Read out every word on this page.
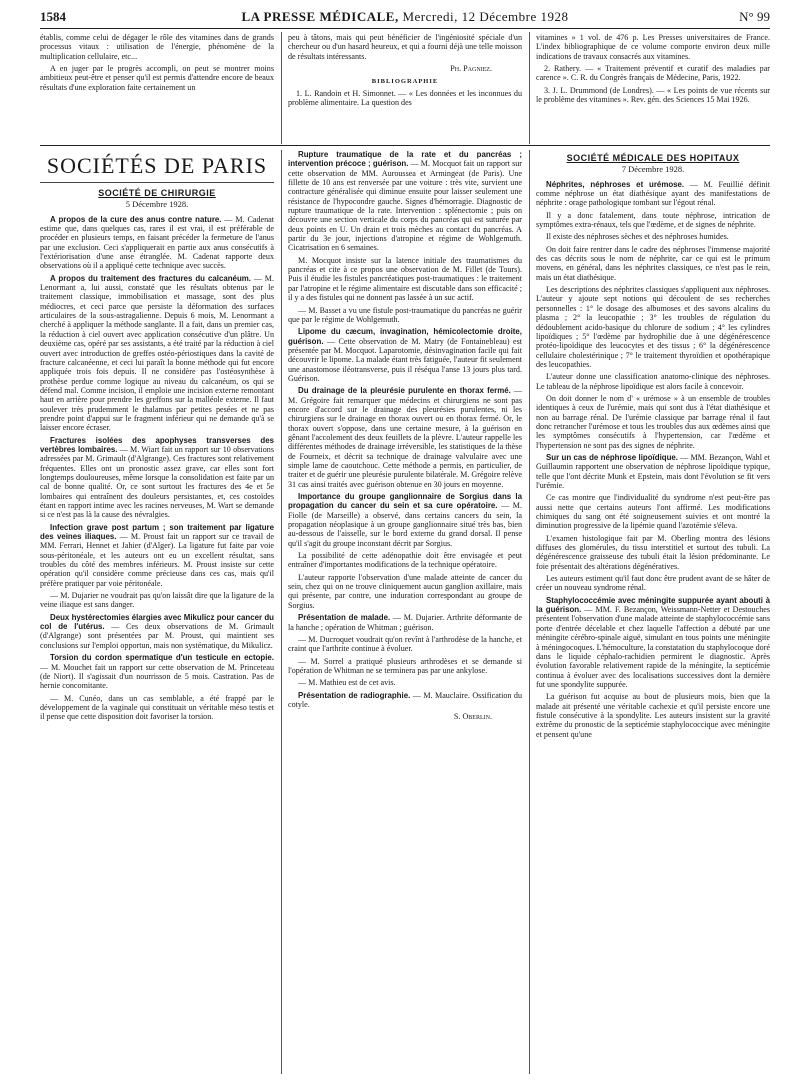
1584	LA PRESSE MÉDICALE, Mercredi, 12 Décembre 1928	N° 99

établis, comme celui de dégager le rôle des vitamines dans de grands processus vitaux : utilisation de l'énergie, phénomène de la multiplication cellulaire, etc...

A en juger par le progrès accompli, on peut se montrer moins ambitieux peut-être et penser qu'il est permis d'attendre encore de beaux résultats d'une exploration faite certainement un

peu à tâtons, mais qui peut bénéficier de l'ingéniosité spéciale d'un chercheur ou d'un hasard heureux, et qui a fourni déjà une telle moisson de résultats intéressants.

Ph. Pagniez.
BIBLIOGRAPHIE

1. L. Randoin et H. Simonnet. — « Les données et les inconnues du problème alimentaire. La question des

vitamines » 1 vol. de 476 p. Les Presses universitaires de France. L'index bibliographique de ce volume comporte environ deux mille indications de travaux consacrés aux vitamines.

2. Rathery. — « Traitement préventif et curatif des maladies par carence ». C. R. du Congrès français de Médecine, Paris, 1922.

3. J. L. Drummond (de Londres). — « Les points de vue récents sur le problème des vitamines ». Rev. gén. des Sciences 15 Mai 1926.

SOCIÉTÉS DE PARIS
SOCIÉTÉ DE CHIRURGIE
5 Décembre 1928.

A propos de la cure des anus contre nature. — M. Cadenat estime que, dans quelques cas, rares il est vrai, il est préférable de procéder en plusieurs temps, en faisant précéder la fermeture de l'anus par une exclusion. Ceci s'appliquerait en partie aux anus consécutifs à l'extériorisation d'une anse étranglée. M. Cadenat rapporte deux observations où il a appliqué cette technique avec succès.

A propos du traitement des fractures du calcanéum. — M. Lenormant a, lui aussi, constaté que les résultats obtenus par le traitement classique, immobilisation et massage, sont des plus médiocres, et ceci parce que persiste la déformation des surfaces articulaires de la sous-astragalienne. Depuis 6 mois, M. Lenormant a cherché à appliquer la méthode sanglante. Il a fait, dans un premier cas, la réduction à ciel ouvert avec application consécutive d'un plâtre. Un deuxième cas, opéré par ses assistants, a été traité par la réduction à ciel ouvert avec introduction de greffes ostéo-périostiques dans la cavité de fracture calcanéenne, et ceci lui paraît la bonne méthode qui fut encore appliquée trois fois depuis. Il ne considère pas l'ostéosynthèse à prothèse perdue comme logique au niveau du calcanéum, os qui se défend mal. Comme incision, il emploie une incision externe remontant haut en arrière pour prendre les greffons sur la malléole externe. Il faut soulever très prudemment le thalamus par petites pesées et ne pas prendre point d'appui sur le fragment inférieur qui ne demande qu'à se laisser encore écraser.

Fractures isolées des apophyses transverses des vertèbres lombaires. — M. Wiart fait un rapport sur 10 observations adressées par M. Grimault (d'Algrange). Ces fractures sont relativement fréquentes. Elles ont un pronostic assez grave, car elles sont fort longtemps douloureuses, même lorsque la consolidation est faite par un cal de bonne qualité. Or, ce sont surtout les fractures des 4e et 5e lombaires qui entraînent des douleurs persistantes, et, ces costoïdes étant en rapport intime avec les racines nerveuses, M. Wart se demande si ce n'est pas là la cause des névralgies.

Infection grave post partum ; son traitement par ligature des veines iliaques. — M. Proust fait un rapport sur ce travail de MM. Ferrari, Hennet et Jahier (d'Alger). La ligature fut faite par voie sous-péritonéale, et les auteurs ont eu un excellent résultat, sans troubles du côté des membres inférieurs. M. Proust insiste sur cette opération qu'il considère comme précieuse dans ces cas, mais qu'il préfère pratiquer par voie péritonéale.

— M. Dujarier ne voudrait pas qu'on laissât dire que la ligature de la veine iliaque est sans danger.

Deux hystérectomies élargies avec Mikulicz pour cancer du col de l'utérus. — Ces deux observations de M. Grimault (d'Algrange) sont présentées par M. Proust, qui maintient ses conclusions sur l'emploi opportun, mais non systématique, du Mikulicz.

Torsion du cordon spermatique d'un testicule en ectopie. — M. Mouchet fait un rapport sur cette observation de M. Princeteau (de Niort). Il s'agissait d'un nourrisson de 5 mois. Castration. Pas de hernie concomitante.

— M. Cunéo, dans un cas semblable, a été frappé par le développement de la vaginale qui constituait un véritable méso testis et il pense que cette disposition doit favoriser la torsion.

Rupture traumatique de la rate et du pancréas ; intervention précoce ; guérison. — M. Mocquot fait un rapport sur cette observation de MM. Auroussea et Armingeat (de Paris). Une fillette de 10 ans est renversée par une voiture : très vite, survient une contracture généralisée qui diminue ensuite pour laisser seulement une résistance de l'hypocondre gauche. Signes d'hémorragie. Diagnostic de rupture traumatique de la rate. Intervention : splénectomie ; puis on découvre une section verticale du corps du pancréas qui est suturée par deux points en U. Un drain et trois mèches au contact du pancréas. A partir du 3e jour, injections d'atropine et régime de Wohlgemuth. Cicatrisation en 6 semaines.

M. Mocquot insiste sur la latence initiale des traumatismes du pancréas et cite à ce propos une observation de M. Fillet (de Tours). Puis il étudie les fistules pancréatiques post-traumatiques : le traitement par l'atropine et le régime alimentaire est discutable dans son efficacité ; il y a des fistules qui ne donnent pas lassée à un suc actif.

— M. Basset a vu une fistule post-traumatique du pancréas ne guérir que par le régime de Wohlgemuth.

Lipome du cæcum, invagination, hémicolectomie droite, guérison. — Cette observation de M. Matry (de Fontainebleau) est présentée par M. Mocquot. Laparotomie, désinvagination facile qui fait découvrir le lipome. La malade étant très fatiguée, l'auteur fit seulement une anastomose iléotransverse, puis il réséqua l'anse 13 jours plus tard. Guérison.

Du drainage de la pleurésie purulente en thorax fermé. — M. Grégoire fait remarquer que médecins et chirurgiens ne sont pas encore d'accord sur le drainage des pleurésies purulentes, ni les chirurgiens sur le drainage en thorax ouvert ou en thorax fermé. Or, le thorax ouvert s'oppose, dans une certaine mesure, à la guérison en gênant l'accolement des deux feuillets de la plèvre. L'auteur rappelle les différentes méthodes de drainage irréversible, les statistiques de la thèse de Fourneix, et décrit sa technique de drainage valvulaire avec une simple lame de caoutchouc. Cette méthode a permis, en particulier, de traiter et de guérir une pleurésie purulente bilatérale. M. Grégoire relève 31 cas ainsi traités avec guérison obtenue en 30 jours en moyenne.

Importance du groupe ganglionnaire de Sorgius dans la propagation du cancer du sein et sa cure opératoire. — M. Fiolle (de Marseille) a observé, dans certains cancers du sein, la propagation néoplasique à un groupe ganglionnaire situé très bas, bien au-dessous de l'aisselle, sur le bord externe du grand dorsal. Il pense qu'il s'agit du groupe inconstant décrit par Sorgius.

La possibilité de cette adénopathie doit être envisagée et peut entraîner d'importantes modifications de la technique opératoire.

L'auteur rapporte l'observation d'une malade atteinte de cancer du sein, chez qui on ne trouve cliniquement aucun ganglion axillaire, mais qui présente, par contre, une induration correspondant au groupe de Sorgius.

Présentation de malade. — M. Dujarier. Arthrite déformante de la hanche ; opération de Whitman ; guérison.

— M. Ducroquet voudrait qu'on revînt à l'arthrodèse de la hanche, et craint que l'arthrite continue à évoluer.

— M. Sorrel a pratiqué plusieurs arthrodèses et se demande si l'opération de Whitman ne se terminera pas par une ankylose.

— M. Mathieu est de cet avis.

Présentation de radiographie. — M. Mauclaire. Ossification du cotyle.

S. Oberlin.
SOCIÉTÉ MÉDICALE DES HOPITAUX
7 Décembre 1928.

Néphrites, néphroses et urémose. — M. Feuillié définit comme néphrose un état diathésique ayant des manifestations de néphrite : orage pathologique tombant sur l'égout rénal.

Il y a donc fatalement, dans toute néphrose, intrication de symptômes extra-rénaux, tels que l'œdème, et de signes de néphrite.

Il existe des néphroses sèches et des néphroses humides.

On doit faire rentrer dans le cadre des néphroses l'immense majorité des cas décrits sous le nom de néphrite, car ce qui est le primum movens, en général, dans les néphrites classiques, ce n'est pas le rein, mais un état diathésique.

Les descriptions des néphrites classiques s'appliquent aux néphroses. L'auteur y ajoute sept notions qui découlent de ses recherches personnelles : 1° le dosage des albumoses et des savons alcalins du plasma ; 2° la leucopathie ; 3° les troubles de régulation du dédoublement acido-basique du chlorure de sodium ; 4° les cylindres lipoïdiques ; 5° l'œdème par hydrophilie due à une dégénérescence protéo-lipoïdique des leucocytes et des tissus ; 6° la dégénérescence cellulaire cholestérinique ; 7° le traitement thyroïdien et opothérapique des leucopathies.

L'auteur donne une classification anatomo-clinique des néphroses. Le tableau de la néphrose lipoïdique est alors facile à concevoir.

On doit donner le nom d' « urémose » à un ensemble de troubles identiques à ceux de l'urémie, mais qui sont dus à l'état diathésique et non au barrage rénal. De l'urémie classique par barrage rénal il faut donc retrancher l'urémose et tous les troubles dus aux œdèmes ainsi que les symptômes consécutifs à l'hypertension, car l'œdème et l'hypertension ne sont pas des signes de néphrite.

Sur un cas de néphrose lipoïdique. — MM. Bezançon, Wahl et Guillaumin rapportent une observation de néphrose lipoïdique typique, telle que l'ont décrite Munk et Epstein, mais dont l'évolution se fit vers l'urémie.

Ce cas montre que l'individualité du syndrome n'est peut-être pas aussi nette que certains auteurs l'ont affirmé. Les modifications chimiques du sang ont été soigneusement suivies et ont montré la diminution progressive de la lipémie quand l'azotémie s'éleva.

L'examen histologique fait par M. Oberling montra des lésions diffuses des glomérules, du tissu interstitiel et surtout des tubuli. La dégénérescence graisseuse des tubuli était la lésion prédominante. Le foie présentait des altérations dégénératives.

Les auteurs estiment qu'il faut donc être prudent avant de se hâter de créer un nouveau syndrome rénal.

Staphylococcémie avec méningite suppurée ayant abouti à la guérison. — MM. F. Bezançon, Weissmann-Netter et Destouches présentent l'observation d'une malade atteinte de staphylococcémie sans porte d'entrée décelable et chez laquelle l'affection a débuté par une méningite cérébro-spinale aiguë, simulant en tous points une méningite à méningocoques. L'hémoculture, la constatation du staphylocoque doré dans le liquide céphalo-rachidien permirent le diagnostic. Après évolution favorable relativement rapide de la méningite, la septicémie continua à évoluer avec des localisations successives dont la dernière fut une spondylite suppurée.

La guérison fut acquise au bout de plusieurs mois, bien que la malade ait présenté une véritable cachexie et qu'il persiste encore une fistule consécutive à la spondylite. Les auteurs insistent sur la gravité extrême du pronostic de la septicémie staphylococcique avec méningite et pensent qu'une
